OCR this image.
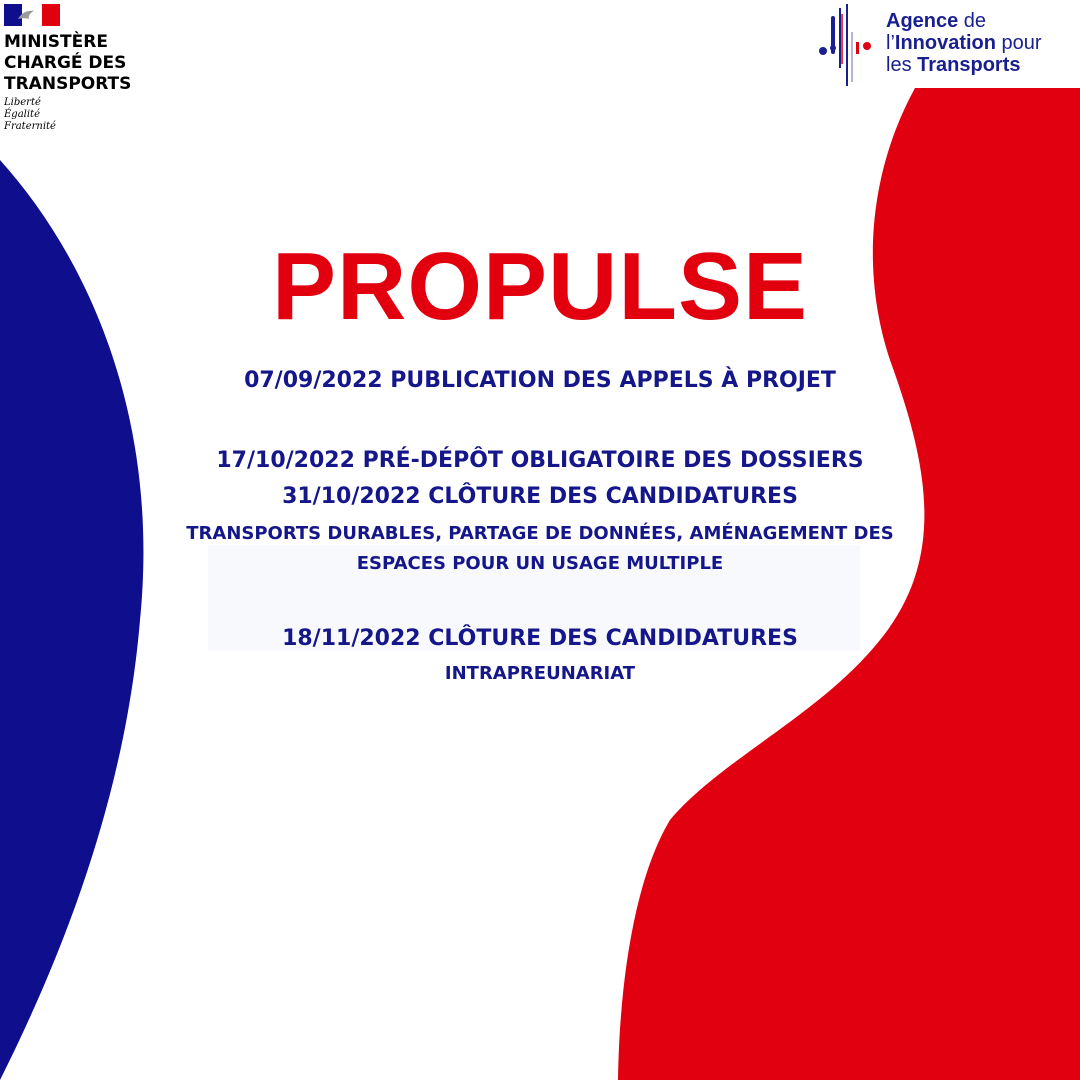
MINISTÈRE
CHARGÉ DES
TRANSPORTS
Liberté
Égalité
Fraternité
Agence de
l’Innovation pour
les Transports
PROPULSE
07/09/2022 PUBLICATION DES APPELS À PROJET
17/10/2022 PRÉ-DÉPÔT OBLIGATOIRE DES DOSSIERS
31/10/2022 CLÔTURE DES CANDIDATURES
TRANSPORTS DURABLES, PARTAGE DE DONNÉES, AMÉNAGEMENT DES
ESPACES POUR UN USAGE MULTIPLE
18/11/2022 CLÔTURE DES CANDIDATURES
INTRAPREUNARIAT
